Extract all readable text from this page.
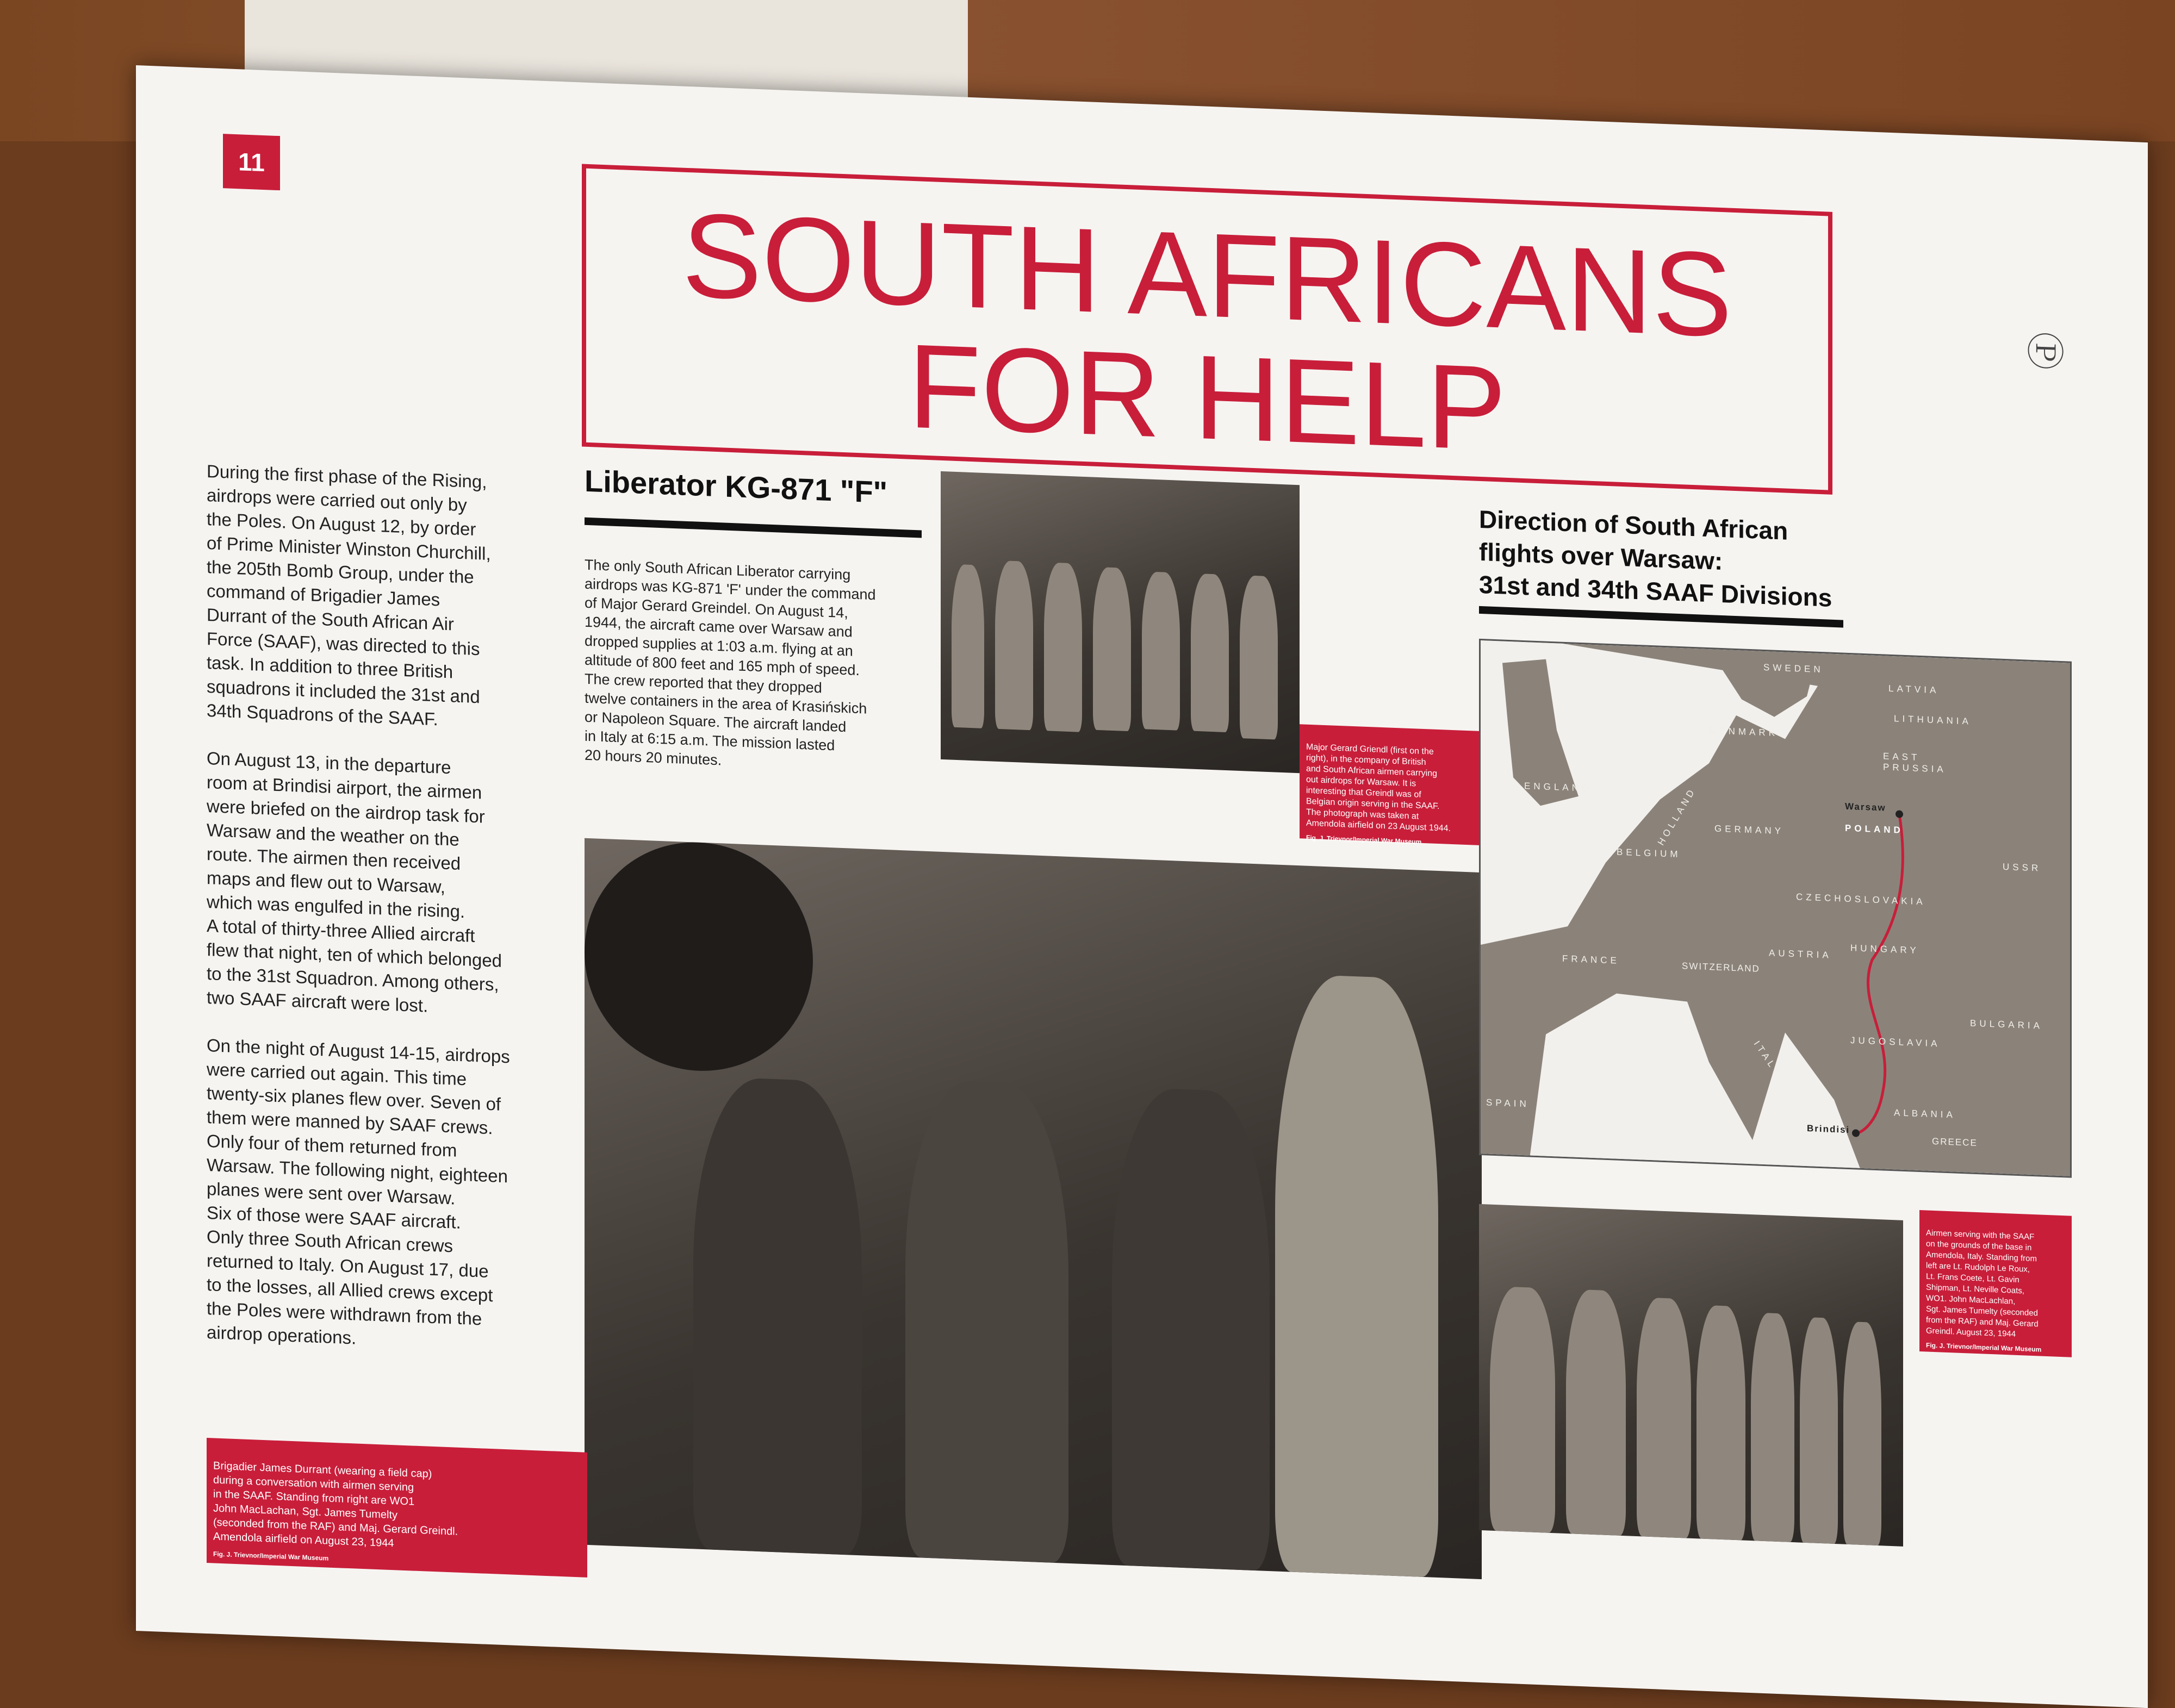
11
SOUTH AFRICANS
FOR HELP	Ⓟ

During the first phase of the Rising,
airdrops were carried out only by
the Poles. On August 12, by order
of Prime Minister Winston Churchill,
the 205th Bomb Group, under the
command of Brigadier James
Durrant of the South African Air
Force (SAAF), was directed to this
task. In addition to three British
squadrons it included the 31st and
34th Squadrons of the SAAF.

On August 13, in the departure
room at Brindisi airport, the airmen
were briefed on the airdrop task for
Warsaw and the weather on the
route. The airmen then received
maps and flew out to Warsaw,
which was engulfed in the rising.
A total of thirty-three Allied aircraft
flew that night, ten of which belonged
to the 31st Squadron. Among others,
two SAAF aircraft were lost.

On the night of August 14-15, airdrops
were carried out again. This time
twenty-six planes flew over. Seven of
them were manned by SAAF crews.
Only four of them returned from
Warsaw. The following night, eighteen
planes were sent over Warsaw.
Six of those were SAAF aircraft.
Only three South African crews
returned to Italy. On August 17, due
to the losses, all Allied crews except
the Poles were withdrawn from the
airdrop operations.

Liberator KG-871 "F"
The only South African Liberator carrying
airdrops was KG-871 'F' under the command
of Major Gerard Greindel. On August 14,
1944, the aircraft came over Warsaw and
dropped supplies at 1:03 a.m. flying at an
altitude of 800 feet and 165 mph of speed.
The crew reported that they dropped
twelve containers in the area of Krasińskich
or Napoleon Square. The aircraft landed
in Italy at 6:15 a.m. The mission lasted
20 hours 20 minutes.

Major Gerard Griendl (first on the
right), in the company of British
and South African airmen carrying
out airdrops for Warsaw. It is
interesting that Greindl was of
Belgian origin serving in the SAAF.
The photograph was taken at
Amendola airfield on 23 August 1944.

Fig. J. Trievnor/Imperial War Museum

Brigadier James Durrant (wearing a field cap)
during a conversation with airmen serving
in the SAAF. Standing from right are WO1
John MacLachan, Sgt. James Tumelty
(seconded from the RAF) and Maj. Gerard Greindl.
Amendola airfield on August 23, 1944

Fig. J. Trievnor/Imperial War Museum

Direction of South African
flights over Warsaw:
31st and 34th SAAF Divisions
SWEDEN
LATVIA
LITHUANIA
DENMARK
EAST
PRUSSIA
ENGLAND	HOLLAND GERMANY
Warsaw
POLAND
BELGIUM
USSR
CZECHOSLOVAKIA
FRANCE	AUSTRIA HUNGARY
SWITZERLAND
BULGARIA
JUGOSLAVIA
ITALY
SPAIN
ALBANIA
Brindisi
GREECE

Airmen serving with the SAAF
on the grounds of the base in
Amendola, Italy. Standing from
left are Lt. Rudolph Le Roux,
Lt. Frans Coete, Lt. Gavin
Shipman, Lt. Neville Coats,
WO1. John MacLachlan,
Sgt. James Tumelty (seconded
from the RAF) and Maj. Gerard
Greindl. August 23, 1944

Fig. J. Trievnor/Imperial War Museum
